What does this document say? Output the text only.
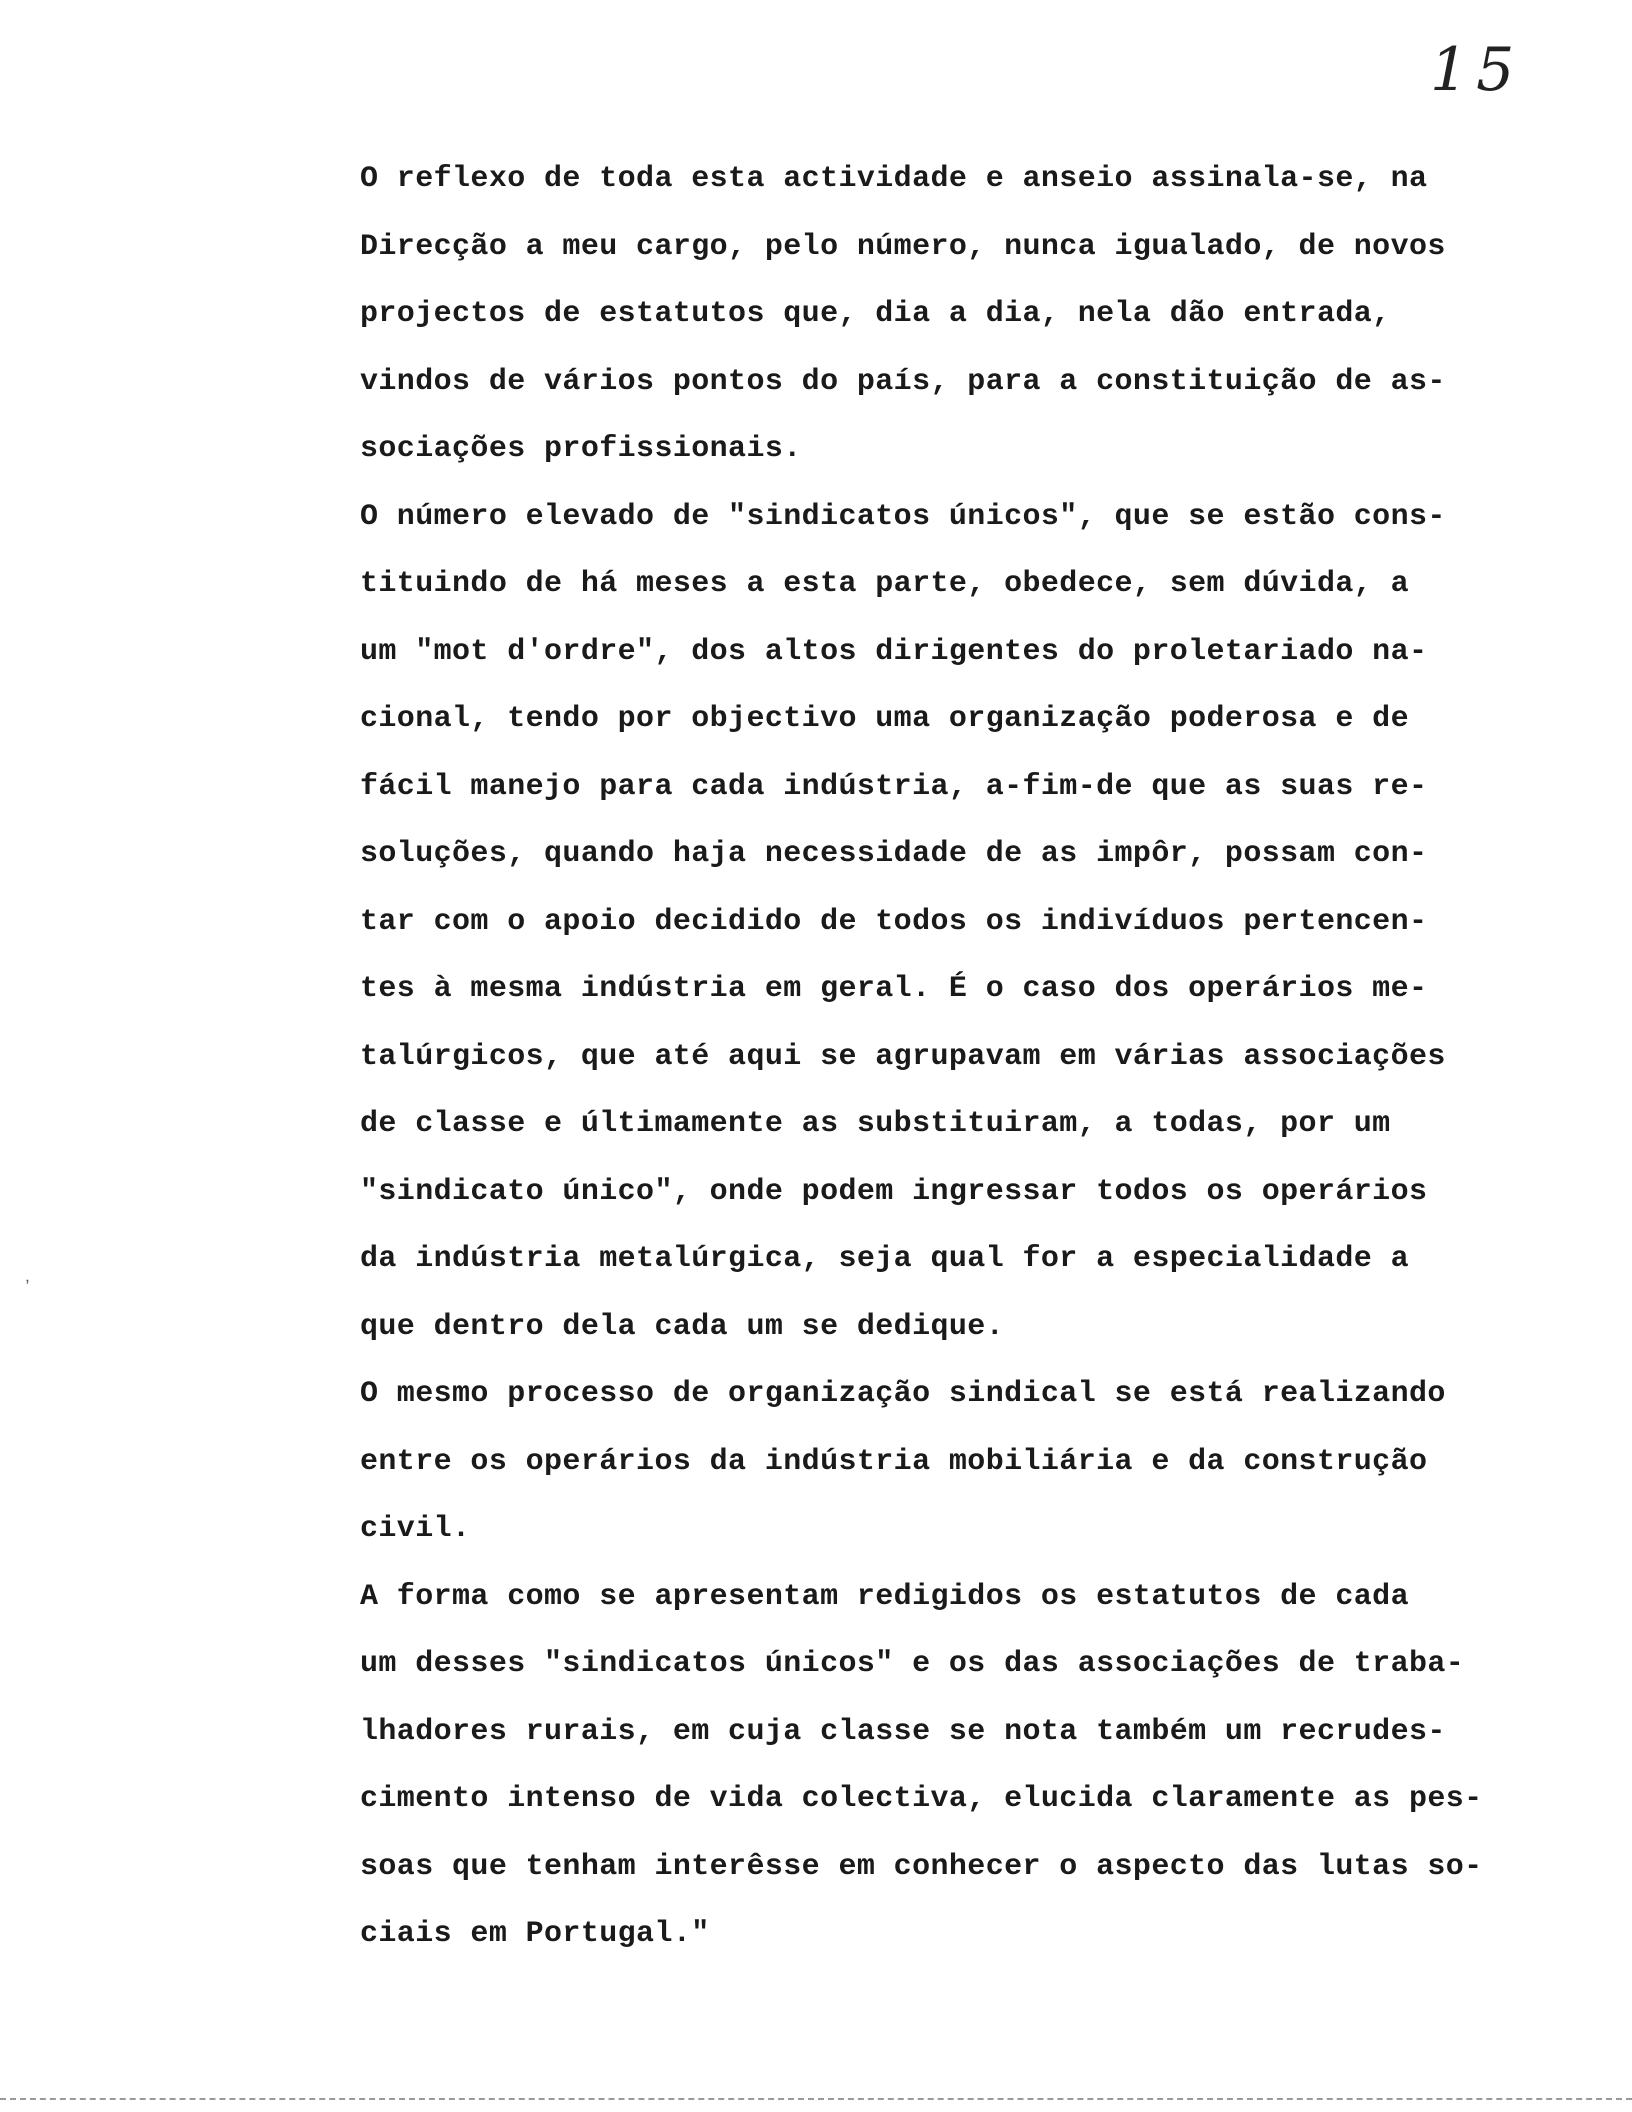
15
O reflexo de toda esta actividade e anseio assinala-se, na
Direcção a meu cargo, pelo número, nunca igualado, de novos
projectos de estatutos que, dia a dia, nela dão entrada,
vindos de vários pontos do país, para a constituição de as-
sociações profissionais.
O número elevado de "sindicatos únicos", que se estão cons-
tituindo de há meses a esta parte, obedece, sem dúvida, a
um "mot d'ordre", dos altos dirigentes do proletariado na-
cional, tendo por objectivo uma organização poderosa e de
fácil manejo para cada indústria, a-fim-de que as suas re-
soluções, quando haja necessidade de as impôr, possam con-
tar com o apoio decidido de todos os indivíduos pertencen-
tes à mesma indústria em geral. É o caso dos operários me-
talúrgicos, que até aqui se agrupavam em várias associações
de classe e últimamente as substituiram, a todas, por um
"sindicato único", onde podem ingressar todos os operários
da indústria metalúrgica, seja qual for a especialidade a
que dentro dela cada um se dedique.
O mesmo processo de organização sindical se está realizando
entre os operários da indústria mobiliária e da construção
civil.
A forma como se apresentam redigidos os estatutos de cada
um desses "sindicatos únicos" e os das associações de traba-
lhadores rurais, em cuja classe se nota também um recrudes-
cimento intenso de vida colectiva, elucida claramente as pes-
soas que tenham interêsse em conhecer o aspecto das lutas so-
ciais em Portugal."
ʼ
